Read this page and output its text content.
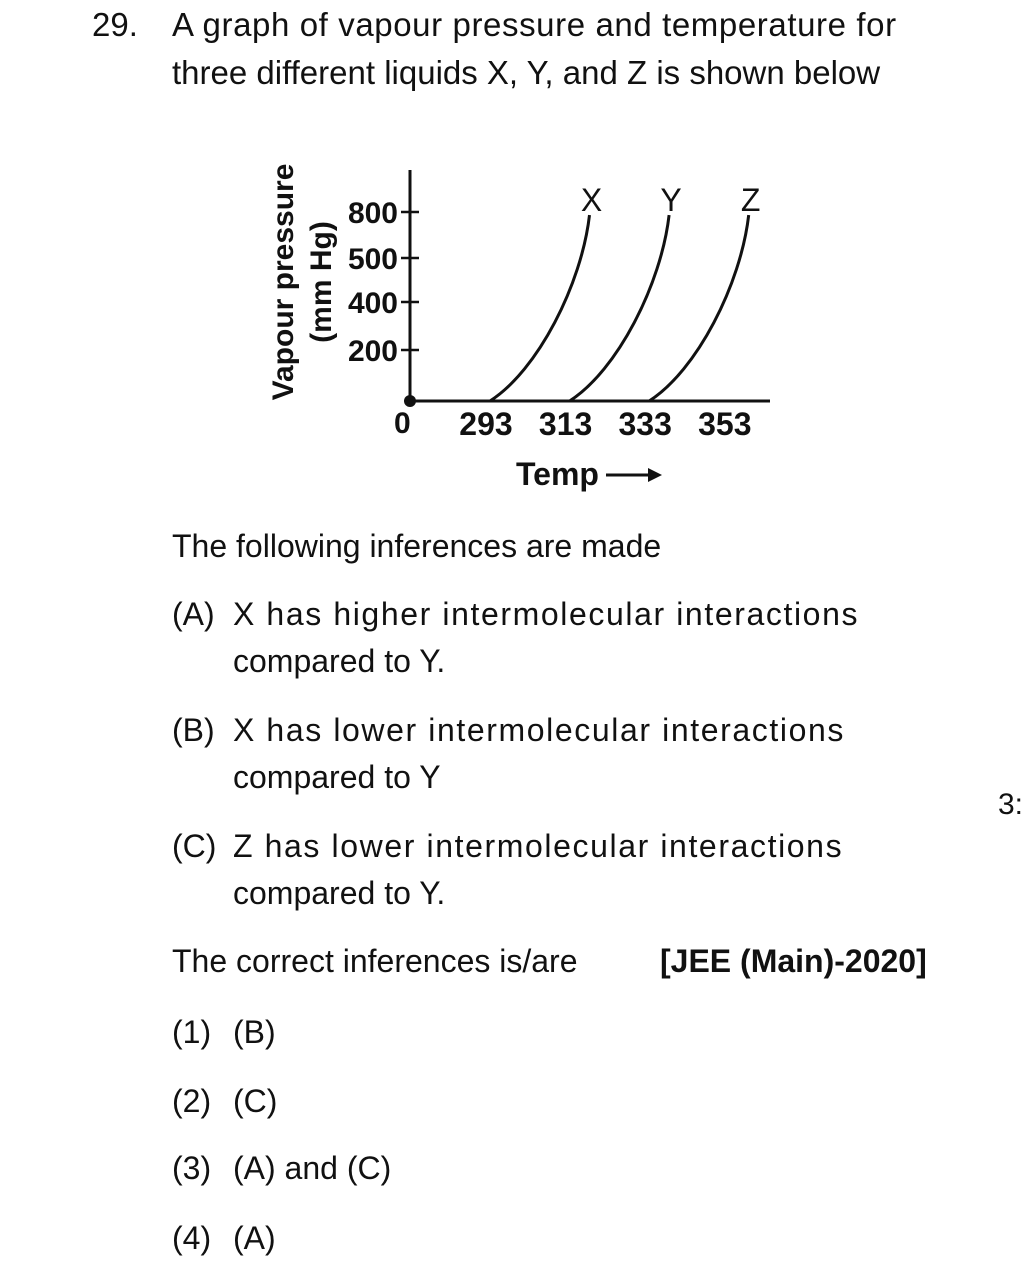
29. A graph of vapour pressure and temperature for
three different liquids X, Y, and Z is shown below
0
200
400
500
800
293 313 333 353
Vapour pressure (mm Hg)
Temp
X Y Z
The following inferences are made
(A) X has higher intermolecular interactions
compared to Y.
(B) X has lower intermolecular interactions
compared to Y
(C) Z has lower intermolecular interactions
compared to Y.
3:
The correct inferences is/are	[JEE (Main)-2020]
(1) (B)
(2) (C)
(3) (A) and (C)
(4) (A)
